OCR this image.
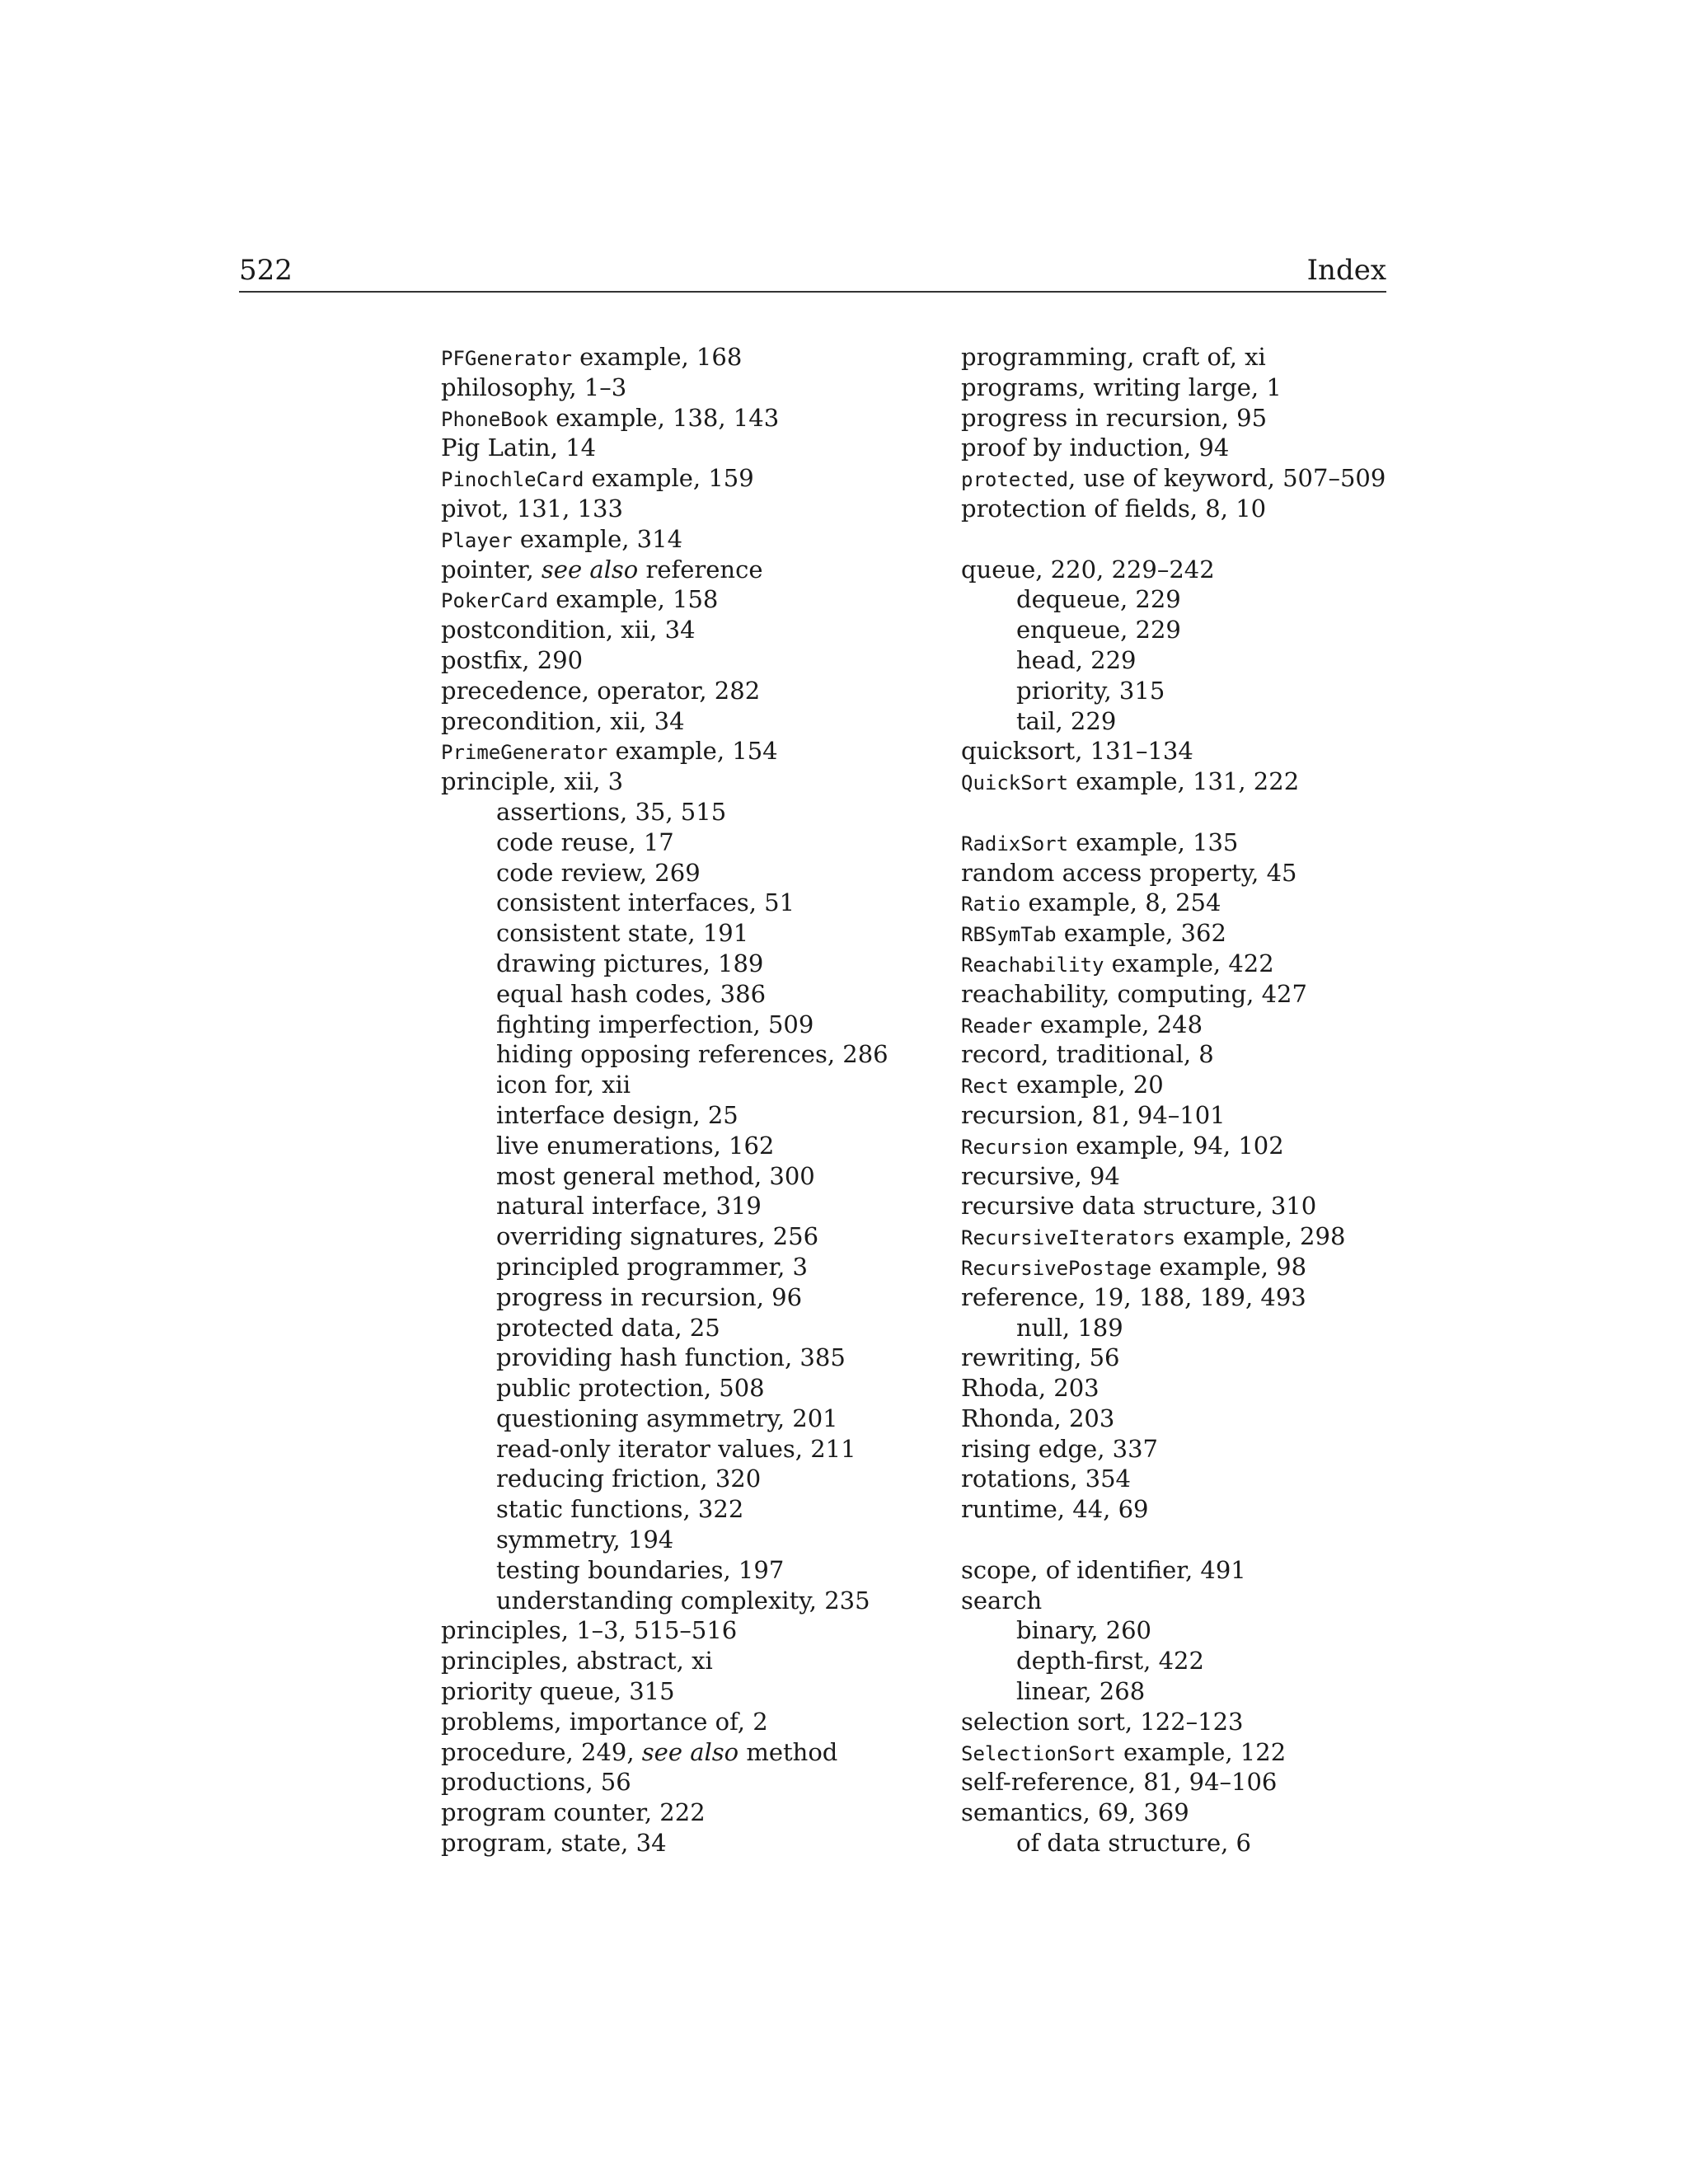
522	Index
PFGenerator example, 168
philosophy, 1–3
PhoneBook example, 138, 143
Pig Latin, 14
PinochleCard example, 159
pivot, 131, 133
Player example, 314
pointer, see also reference
PokerCard example, 158
postcondition, xii, 34
postfix, 290
precedence, operator, 282
precondition, xii, 34
PrimeGenerator example, 154
principle, xii, 3
assertions, 35, 515
code reuse, 17
code review, 269
consistent interfaces, 51
consistent state, 191
drawing pictures, 189
equal hash codes, 386
fighting imperfection, 509
hiding opposing references, 286
icon for, xii
interface design, 25
live enumerations, 162
most general method, 300
natural interface, 319
overriding signatures, 256
principled programmer, 3
progress in recursion, 96
protected data, 25
providing hash function, 385
public protection, 508
questioning asymmetry, 201
read-only iterator values, 211
reducing friction, 320
static functions, 322
symmetry, 194
testing boundaries, 197
understanding complexity, 235
principles, 1–3, 515–516
principles, abstract, xi
priority queue, 315
problems, importance of, 2
procedure, 249, see also method
productions, 56
program counter, 222
program, state, 34
programming, craft of, xi
programs, writing large, 1
progress in recursion, 95
proof by induction, 94
protected, use of keyword, 507–509
protection of fields, 8, 10
queue, 220, 229–242
dequeue, 229
enqueue, 229
head, 229
priority, 315
tail, 229
quicksort, 131–134
QuickSort example, 131, 222
RadixSort example, 135
random access property, 45
Ratio example, 8, 254
RBSymTab example, 362
Reachability example, 422
reachability, computing, 427
Reader example, 248
record, traditional, 8
Rect example, 20
recursion, 81, 94–101
Recursion example, 94, 102
recursive, 94
recursive data structure, 310
RecursiveIterators example, 298
RecursivePostage example, 98
reference, 19, 188, 189, 493
null, 189
rewriting, 56
Rhoda, 203
Rhonda, 203
rising edge, 337
rotations, 354
runtime, 44, 69
scope, of identifier, 491
search
binary, 260
depth-first, 422
linear, 268
selection sort, 122–123
SelectionSort example, 122
self-reference, 81, 94–106
semantics, 69, 369
of data structure, 6
